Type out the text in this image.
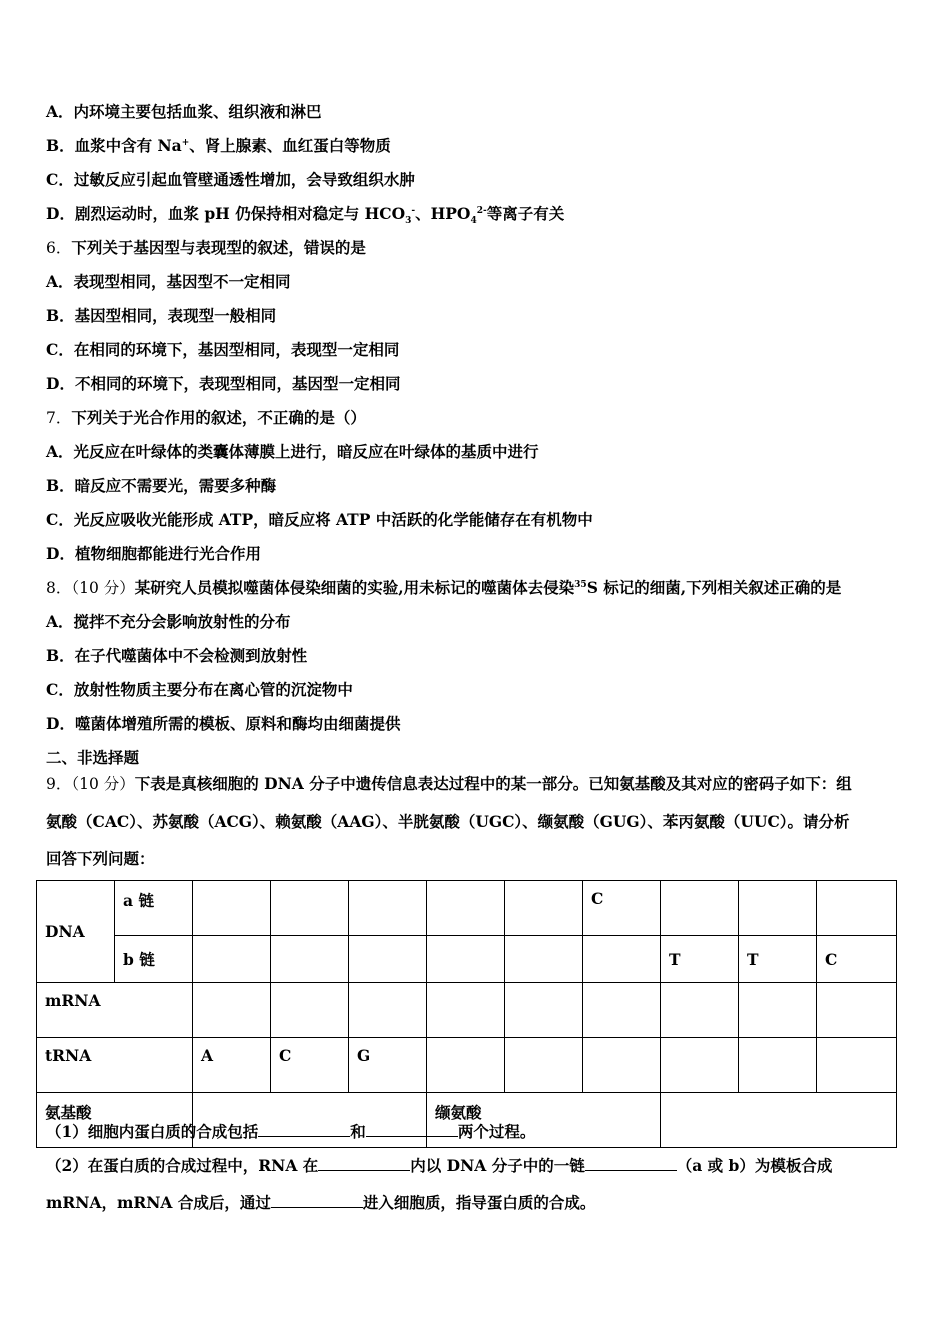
A．内环境主要包括血浆、组织液和淋巴
B．血浆中含有 Na+、肾上腺素、血红蛋白等物质
C．过敏反应引起血管壁通透性增加，会导致组织水肿
D．剧烈运动时，血浆 pH 仍保持相对稳定与 $HCO_3^-$、$HPO_4^{2-}$等离子有关
6．下列关于基因型与表现型的叙述，错误的是
A．表现型相同，基因型不一定相同
B．基因型相同，表现型一般相同
C．在相同的环境下，基因型相同，表现型一定相同
D．不相同的环境下，表现型相同，基因型一定相同
7．下列关于光合作用的叙述，不正确的是（）
A．光反应在叶绿体的类囊体薄膜上进行，暗反应在叶绿体的基质中进行
B．暗反应不需要光，需要多种酶
C．光反应吸收光能形成 ATP，暗反应将 ATP 中活跃的化学能储存在有机物中
D．植物细胞都能进行光合作用
8．（10 分）某研究人员模拟噬菌体侵染细菌的实验,用未标记的噬菌体去侵染$^{35}$S 标记的细菌,下列相关叙述正确的是
A．搅拌不充分会影响放射性的分布
B．在子代噬菌体中不会检测到放射性
C．放射性物质主要分布在离心管的沉淀物中
D．噬菌体增殖所需的模板、原料和酶均由细菌提供
二、非选择题
9．（10 分）下表是真核细胞的 DNA 分子中遗传信息表达过程中的某一部分。已知氨基酸及其对应的密码子如下：组
氨酸（CAC）、苏氨酸（ACG）、赖氨酸（AAG）、半胱氨酸（UGC）、缬氨酸（GUG）、苯丙氨酸（UUC）。请分析
回答下列问题：
DNA	a 链						C			
	b 链							T	T	C
mRNA										
tRNA		A	C	G						
氨基酸					缬氨酸					
（1）细胞内蛋白质的合成包括	和	两个过程。
（2）在蛋白质的合成过程中，RNA 在	内以 DNA 分子中的一链	（a 或 b）为模板合成
mRNA，mRNA 合成后，通过	进入细胞质，指导蛋白质的合成。
